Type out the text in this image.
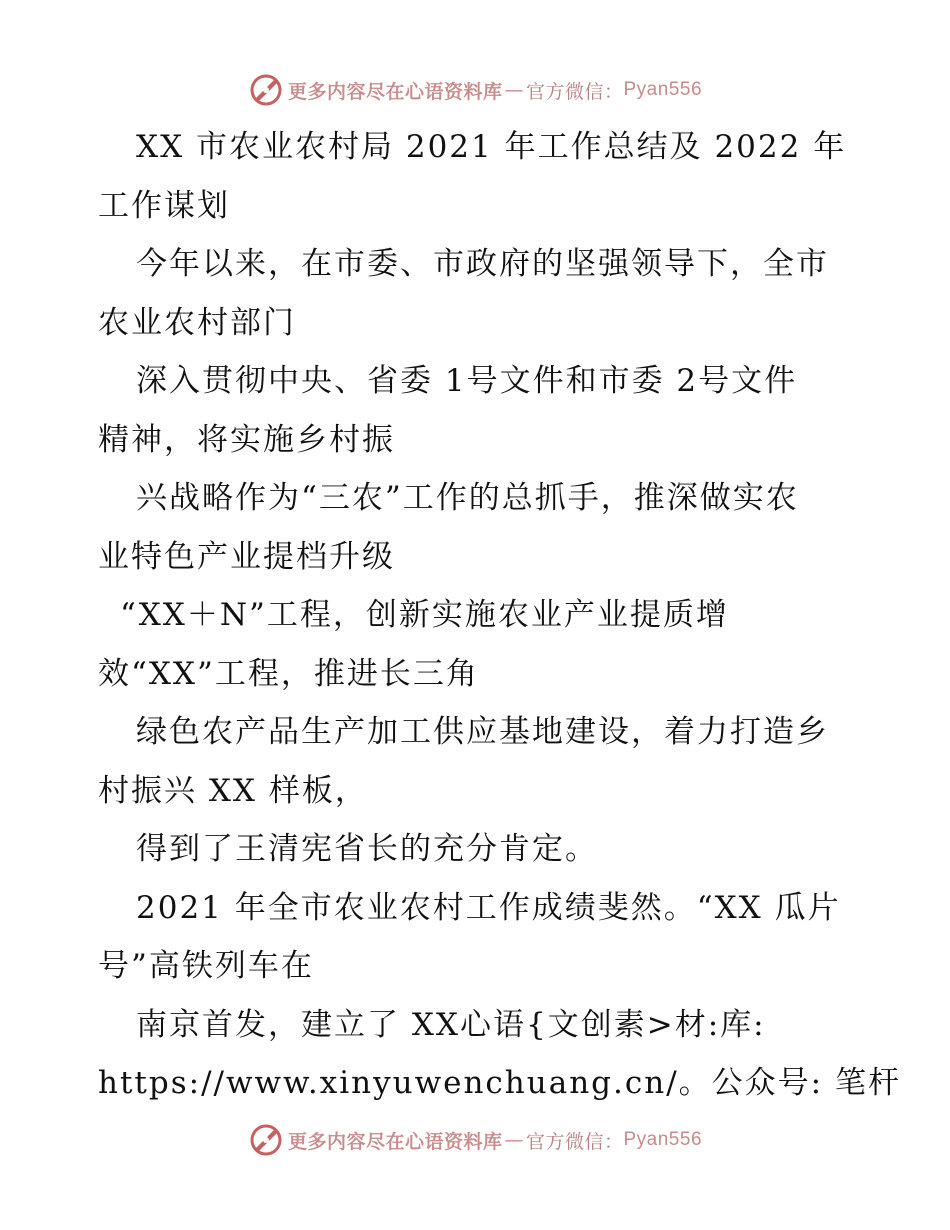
更多内容尽在心语资料库 — 官方微信： Pyan556

XX 市农业农村局 2021 年工作总结及 2022 年

工作谋划

今年以来，在市委、市政府的坚强领导下，全市

农业农村部门

深入贯彻中央、省委 1号文件和市委 2号文件

精神，将实施乡村振

兴战略作为“三农”工作的总抓手，推深做实农

业特色产业提档升级

“XX＋N”工程，创新实施农业产业提质增

效“XX”工程，推进长三角

绿色农产品生产加工供应基地建设，着力打造乡

村振兴 XX 样板，

得到了王清宪省长的充分肯定。

2021 年全市农业农村工作成绩斐然。“XX 瓜片

号”高铁列车在

南京首发，建立了 XX心语{文创素>材:库:

https://www.xinyuwenchuang.cn/。公众号: 笔杆

更多内容尽在心语资料库 — 官方微信： Pyan556
